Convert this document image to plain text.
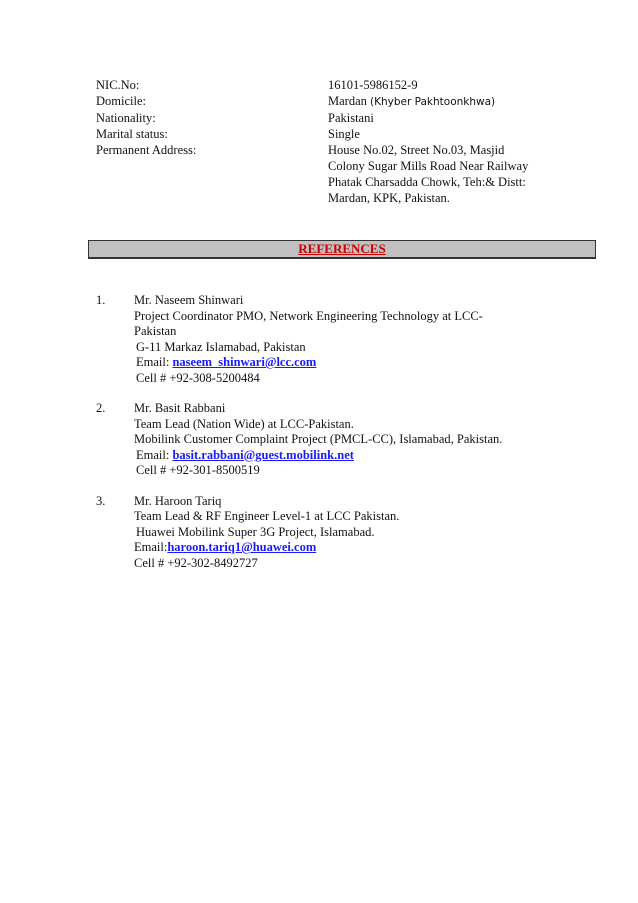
NIC.No:	16101-5986152-9
Domicile:	Mardan (Khyber Pakhtoonkhwa)
Nationality:	Pakistani
Marital status:	Single
Permanent Address:	House No.02, Street No.03, Masjid
Colony Sugar Mills Road Near Railway
Phatak Charsadda Chowk, Teh:& Distt:
Mardan, KPK, Pakistan.
REFERENCES
1.	Mr. Naseem Shinwari
Project Coordinator PMO, Network Engineering Technology at LCC-
Pakistan
G-11 Markaz Islamabad, Pakistan
Email: naseem_shinwari@lcc.com
Cell # +92-308-5200484
2.	Mr. Basit Rabbani
Team Lead (Nation Wide) at LCC-Pakistan.
Mobilink Customer Complaint Project (PMCL-CC), Islamabad, Pakistan.
Email: basit.rabbani@guest.mobilink.net
Cell # +92-301-8500519
3.	Mr. Haroon Tariq
Team Lead & RF Engineer Level-1 at LCC Pakistan.
Huawei Mobilink Super 3G Project, Islamabad.
Email:haroon.tariq1@huawei.com
Cell # +92-302-8492727
